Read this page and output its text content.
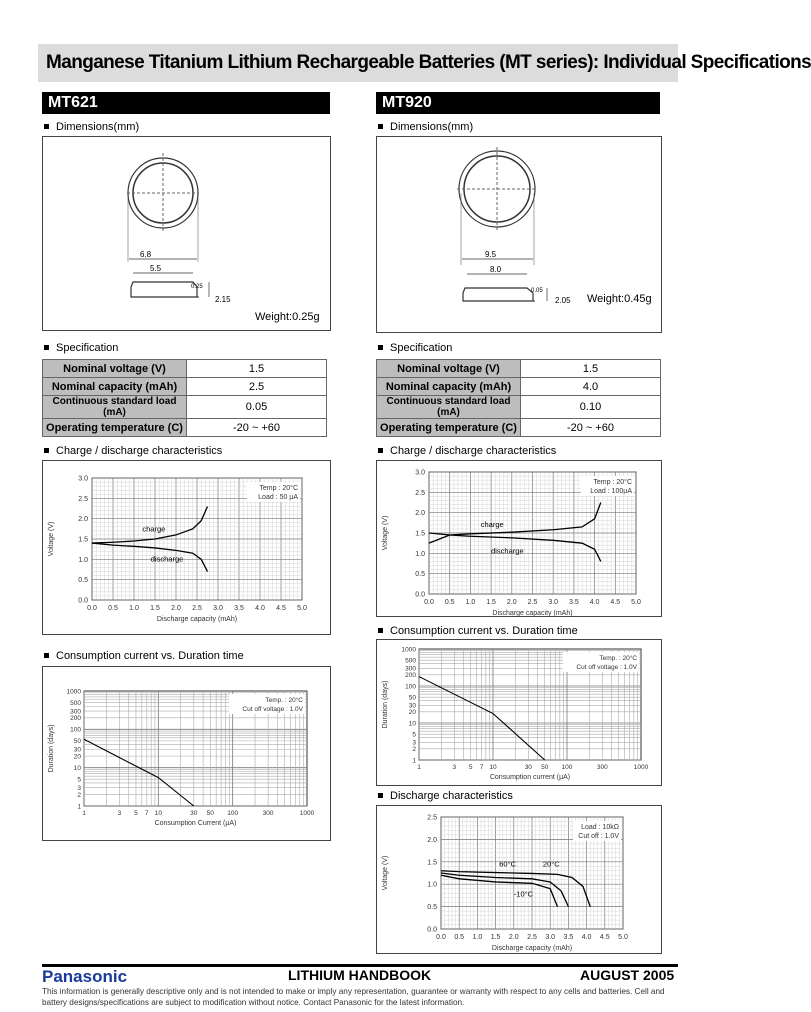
Manganese Titanium Lithium Rechargeable Batteries (MT series): Individual Specifications
MT621
Dimensions(mm)
6.8
5.5
0.25
2.15
Weight:0.25g
Specification
Nominal voltage (V)	1.5
Nominal capacity (mAh)	2.5
Continuous standard load (mA)	0.05
Operating temperature (C)	-20 ~ +60
Charge / discharge characteristics
0.0 0.5 1.0 1.5 2.0 2.5 3.0 3.5 4.0 4.5 5.0
0.0
0.5
1.0
1.5
2.0
2.5
3.0
Discharge capacity (mAh)
Voltage (V)
Temp : 20°C
Load : 50 µA
charge
discharge
Consumption current vs. Duration time
1	3 5 7 10	30 50 100	300	1000
1000
500
300
200
100
50
30
20
10
5
3
2
1
Consumption Current (µA)
Duration (days)
Temp. : 20°C
Cut off voltage : 1.0V
MT920
Dimensions(mm)
9.5
8.0
0.05
2.05 Weight:0.45g
Specification
Nominal voltage (V)	1.5
Nominal capacity (mAh)	4.0
Continuous standard load (mA)	0.10
Operating temperature (C)	-20 ~ +60
Charge / discharge characteristics
0.0 0.5 1.0 1.5 2.0 2.5 3.0 3.5 4.0 4.5 5.0
0.0
0.5
1.0
1.5
2.0
2.5
3.0
Discharge capacity (mAh)
Voltage (V)
Temp : 20°C
Load : 100µA
charge
discharge
Consumption current vs. Duration time
1	3 5 7 10	30 50 100	300	1000
1000
500
300
200
100
50
30
20
10
5
3
2
1
Consumption current (µA)
Duration (days)
Temp. : 20°C
Cut off voltage : 1.0V
Discharge characteristics
0.0 0.5 1.0 1.5 2.0 2.5 3.0 3.5 4.0 4.5 5.0
0.0
0.5
1.0
1.5
2.0
2.5
Discharge capacity (mAh)
Voltage (V)
Load : 10kΩ
Cut off : 1.0V
60°C	20°C
-10°C
Panasonic	LITHIUM HANDBOOK	AUGUST 2005
This information is generally descriptive only and is not intended to make or imply any representation, guarantee or warranty with respect to any cells and batteries. Cell and battery designs/specifications are subject to modification without notice. Contact Panasonic for the latest information.
